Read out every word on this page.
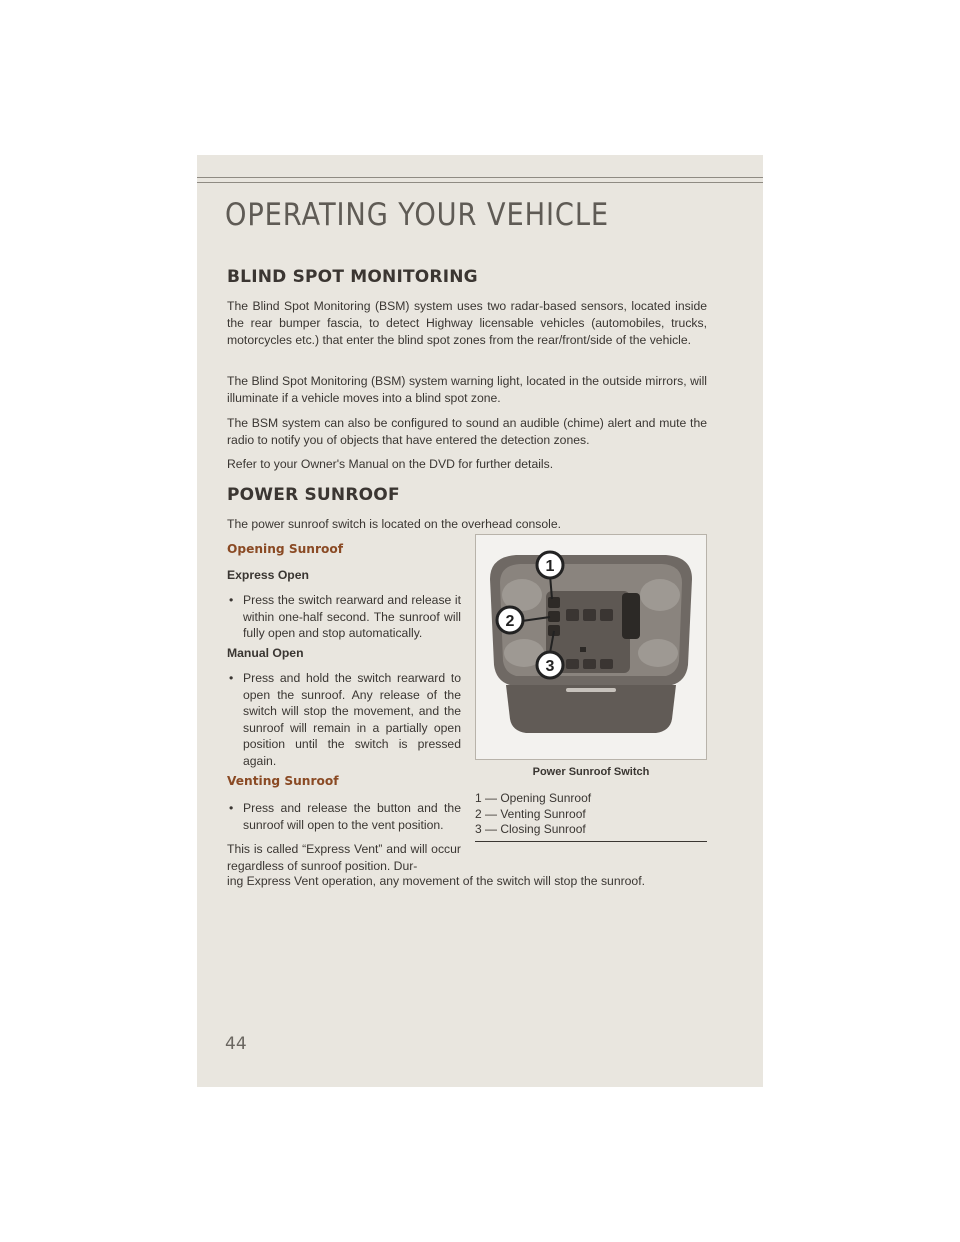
OPERATING YOUR VEHICLE
BLIND SPOT MONITORING

The Blind Spot Monitoring (BSM) system uses two radar-based sensors, located inside the rear bumper fascia, to detect Highway licensable vehicles (automobiles, trucks, motorcycles etc.) that enter the blind spot zones from the rear/front/side of the vehicle.

The Blind Spot Monitoring (BSM) system warning light, located in the outside mirrors, will illuminate if a vehicle moves into a blind spot zone.

The BSM system can also be configured to sound an audible (chime) alert and mute the radio to notify you of objects that have entered the detection zones.

Refer to your Owner's Manual on the DVD for further details.

POWER SUNROOF

The power sunroof switch is located on the overhead console.

Opening Sunroof
Express Open
• Press the switch rearward and release it within one-half second. The sunroof will fully open and stop automatically.
Manual Open
• Press and hold the switch rearward to open the sunroof. Any release of the switch will stop the movement, and the sunroof will remain in a partially open position until the switch is pressed again.
Venting Sunroof
• Press and release the button and the sunroof will open to the vent position.

This is called “Express Vent” and will occur regardless of sunroof position. Dur-

ing Express Vent operation, any movement of the switch will stop the sunroof.

1
2
3
Power Sunroof Switch
1 — Opening Sunroof
2 — Venting Sunroof
3 — Closing Sunroof
44
